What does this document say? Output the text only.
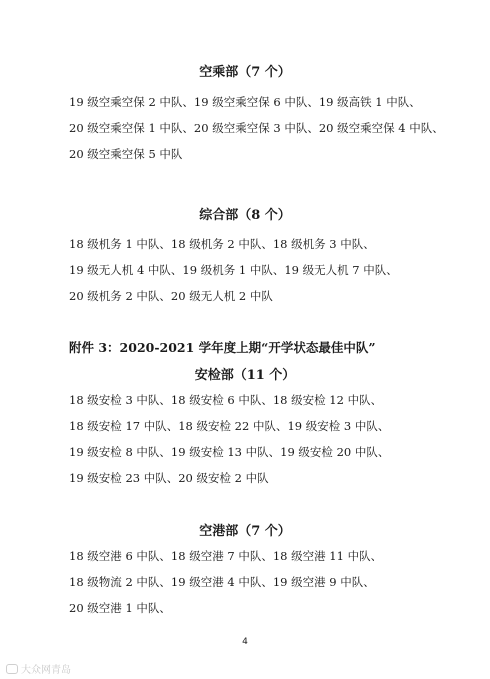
空乘部（7 个）
19 级空乘空保 2 中队、19 级空乘空保 6 中队、19 级高铁 1 中队、
20 级空乘空保 1 中队、20 级空乘空保 3 中队、20 级空乘空保 4 中队、
20 级空乘空保 5 中队
综合部（8 个）
18 级机务 1 中队、18 级机务 2 中队、18 级机务 3 中队、
19 级无人机 4 中队、19 级机务 1 中队、19 级无人机 7 中队、
20 级机务 2 中队、20 级无人机 2 中队
附件 3：2020-2021 学年度上期“开学状态最佳中队”
安检部（11 个）
18 级安检 3 中队、18 级安检 6 中队、18 级安检 12 中队、
18 级安检 17 中队、18 级安检 22 中队、19 级安检 3 中队、
19 级安检 8 中队、19 级安检 13 中队、19 级安检 20 中队、
19 级安检 23 中队、20 级安检 2 中队
空港部（7 个）
18 级空港 6 中队、18 级空港 7 中队、18 级空港 11 中队、
18 级物流 2 中队、19 级空港 4 中队、19 级空港 9 中队、
20 级空港 1 中队、
4
大众网青岛
